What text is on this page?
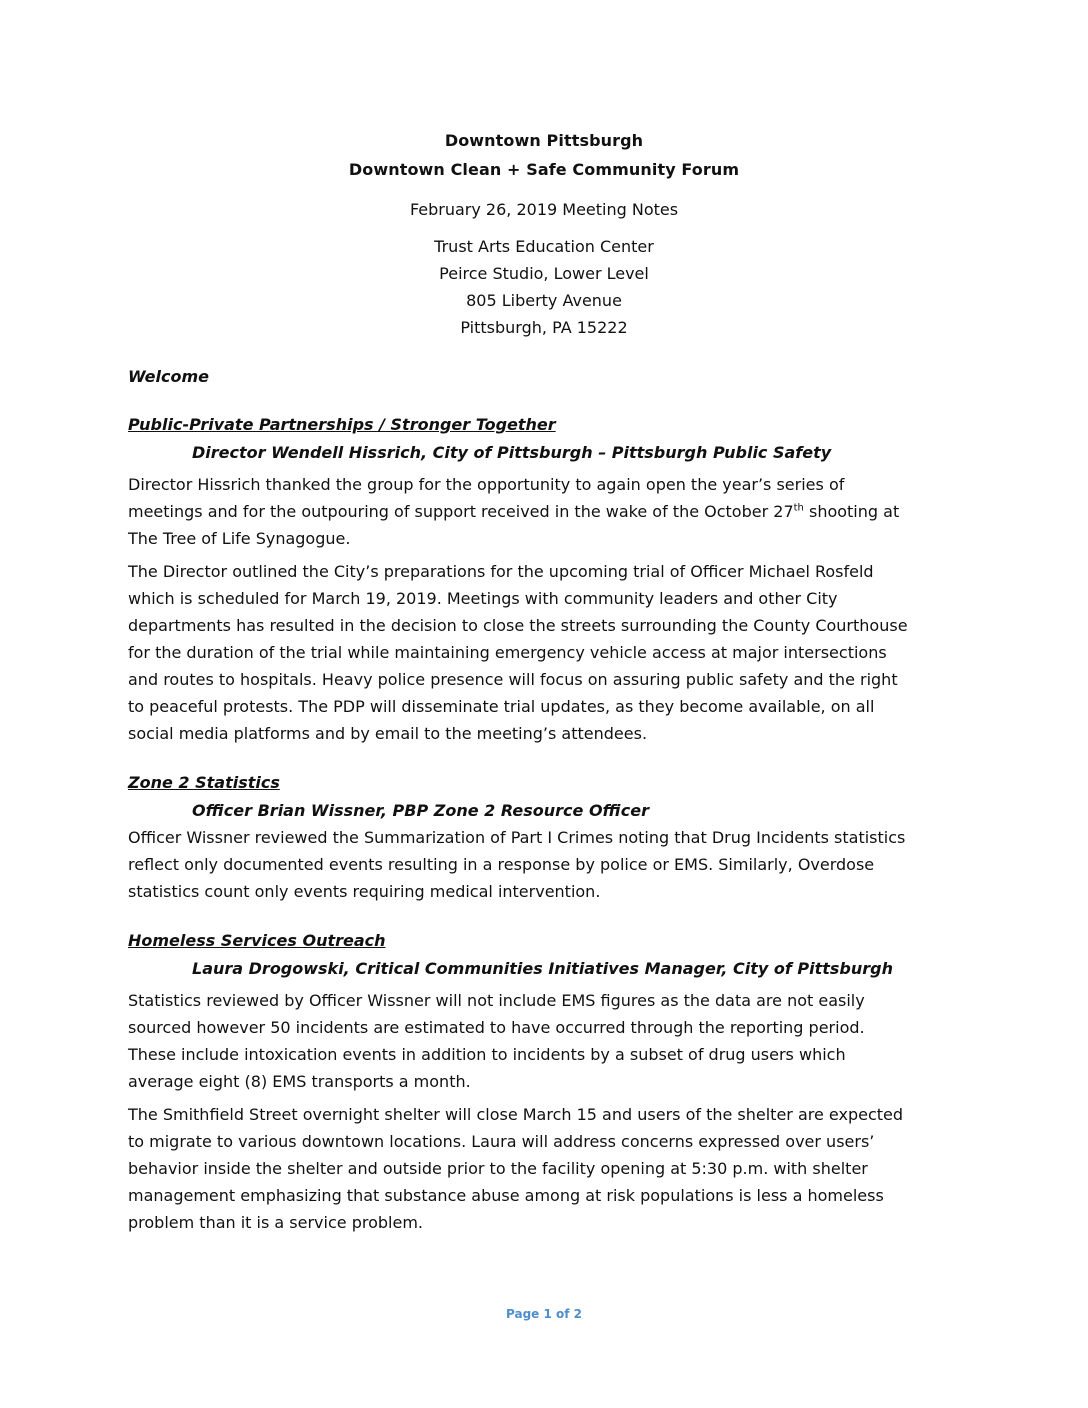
Downtown Pittsburgh
Downtown Clean + Safe Community Forum
February 26, 2019 Meeting Notes
Trust Arts Education Center
Peirce Studio, Lower Level
805 Liberty Avenue
Pittsburgh, PA 15222
Welcome
Public-Private Partnerships / Stronger Together
Director Wendell Hissrich, City of Pittsburgh – Pittsburgh Public Safety
Director Hissrich thanked the group for the opportunity to again open the year’s series of
meetings and for the outpouring of support received in the wake of the October 27th shooting at
The Tree of Life Synagogue.
The Director outlined the City’s preparations for the upcoming trial of Officer Michael Rosfeld
which is scheduled for March 19, 2019. Meetings with community leaders and other City
departments has resulted in the decision to close the streets surrounding the County Courthouse
for the duration of the trial while maintaining emergency vehicle access at major intersections
and routes to hospitals. Heavy police presence will focus on assuring public safety and the right
to peaceful protests. The PDP will disseminate trial updates, as they become available, on all
social media platforms and by email to the meeting’s attendees.
Zone 2 Statistics
Officer Brian Wissner, PBP Zone 2 Resource Officer
Officer Wissner reviewed the Summarization of Part I Crimes noting that Drug Incidents statistics
reflect only documented events resulting in a response by police or EMS. Similarly, Overdose
statistics count only events requiring medical intervention.
Homeless Services Outreach
Laura Drogowski, Critical Communities Initiatives Manager, City of Pittsburgh
Statistics reviewed by Officer Wissner will not include EMS figures as the data are not easily
sourced however 50 incidents are estimated to have occurred through the reporting period.
These include intoxication events in addition to incidents by a subset of drug users which
average eight (8) EMS transports a month.
The Smithfield Street overnight shelter will close March 15 and users of the shelter are expected
to migrate to various downtown locations. Laura will address concerns expressed over users’
behavior inside the shelter and outside prior to the facility opening at 5:30 p.m. with shelter
management emphasizing that substance abuse among at risk populations is less a homeless
problem than it is a service problem.
Page 1 of 2
